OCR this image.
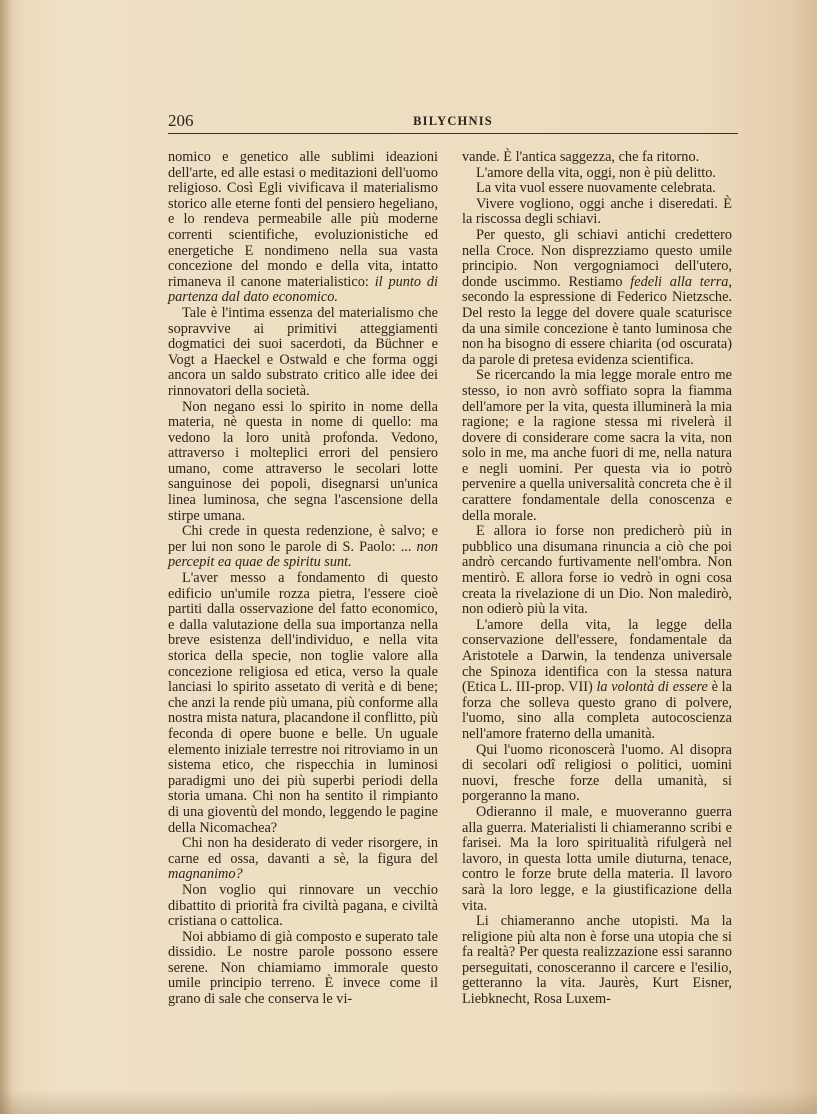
206	BILYCHNIS

nomico e genetico alle sublimi ideazioni dell'arte, ed alle estasi o meditazioni dell'uomo religioso. Così Egli vivificava il materialismo storico alle eterne fonti del pensiero hegeliano, e lo rendeva permeabile alle più moderne correnti scientifiche, evoluzionistiche ed energetiche E nondimeno nella sua vasta concezione del mondo e della vita, intatto rimaneva il canone materialistico: il punto di partenza dal dato economico.

Tale è l'intima essenza del materialismo che sopravvive ai primitivi atteggiamenti dogmatici dei suoi sacerdoti, da Büchner e Vogt a Haeckel e Ostwald e che forma oggi ancora un saldo substrato critico alle idee dei rinnovatori della società.

Non negano essi lo spirito in nome della materia, nè questa in nome di quello: ma vedono la loro unità profonda. Vedono, attraverso i molteplici errori del pensiero umano, come attraverso le secolari lotte sanguinose dei popoli, disegnarsi un'unica linea luminosa, che segna l'ascensione della stirpe umana.

Chi crede in questa redenzione, è salvo; e per lui non sono le parole di S. Paolo: ... non percepit ea quae de spiritu sunt.

L'aver messo a fondamento di questo edificio un'umile rozza pietra, l'essere cioè partiti dalla osservazione del fatto economico, e dalla valutazione della sua importanza nella breve esistenza dell'individuo, e nella vita storica della specie, non toglie valore alla concezione religiosa ed etica, verso la quale lanciasi lo spirito assetato di verità e di bene; che anzi la rende più umana, più conforme alla nostra mista natura, placandone il conflitto, più feconda di opere buone e belle. Un uguale elemento iniziale terrestre noi ritroviamo in un sistema etico, che rispecchia in luminosi paradigmi uno dei più superbi periodi della storia umana. Chi non ha sentito il rimpianto di una gioventù del mondo, leggendo le pagine della Nicomachea?

Chi non ha desiderato di veder risorgere, in carne ed ossa, davanti a sè, la figura del magnanimo?

Non voglio qui rinnovare un vecchio dibattito di priorità fra civiltà pagana, e civiltà cristiana o cattolica.

Noi abbiamo di già composto e superato tale dissidio. Le nostre parole possono essere serene. Non chiamiamo immorale questo umile principio terreno. È invece come il grano di sale che conserva le vi-

vande. È l'antica saggezza, che fa ritorno.

L'amore della vita, oggi, non è più delitto.

La vita vuol essere nuovamente celebrata.

Vivere vogliono, oggi anche i diseredati. È la riscossa degli schiavi.

Per questo, gli schiavi antichi credettero nella Croce. Non disprezziamo questo umile principio. Non vergogniamoci dell'utero, donde uscimmo. Restiamo fedeli alla terra, secondo la espressione di Federico Nietzsche. Del resto la legge del dovere quale scaturisce da una simile concezione è tanto luminosa che non ha bisogno di essere chiarita (od oscurata) da parole di pretesa evidenza scientifica.

Se ricercando la mia legge morale entro me stesso, io non avrò soffiato sopra la fiamma dell'amore per la vita, questa illuminerà la mia ragione; e la ragione stessa mi rivelerà il dovere di considerare come sacra la vita, non solo in me, ma anche fuori di me, nella natura e negli uomini. Per questa via io potrò pervenire a quella universalità concreta che è il carattere fondamentale della conoscenza e della morale.

E allora io forse non predicherò più in pubblico una disumana rinuncia a ciò che poi andrò cercando furtivamente nell'ombra. Non mentirò. E allora forse io vedrò in ogni cosa creata la rivelazione di un Dio. Non maledirò, non odierò più la vita.

L'amore della vita, la legge della conservazione dell'essere, fondamentale da Aristotele a Darwin, la tendenza universale che Spinoza identifica con la stessa natura (Etica L. III-prop. VII) la volontà di essere è la forza che solleva questo grano di polvere, l'uomo, sino alla completa autocoscienza nell'amore fraterno della umanità.

Qui l'uomo riconoscerà l'uomo. Al disopra di secolari odî religiosi o politici, uomini nuovi, fresche forze della umanità, si porgeranno la mano.

Odieranno il male, e muoveranno guerra alla guerra. Materialisti li chiameranno scribi e farisei. Ma la loro spiritualità rifulgerà nel lavoro, in questa lotta umile diuturna, tenace, contro le forze brute della materia. Il lavoro sarà la loro legge, e la giustificazione della vita.

Li chiameranno anche utopisti. Ma la religione più alta non è forse una utopia che si fa realtà? Per questa realizzazione essi saranno perseguitati, conosceranno il carcere e l'esilio, getteranno la vita. Jaurès, Kurt Eisner, Liebknecht, Rosa Luxem-
